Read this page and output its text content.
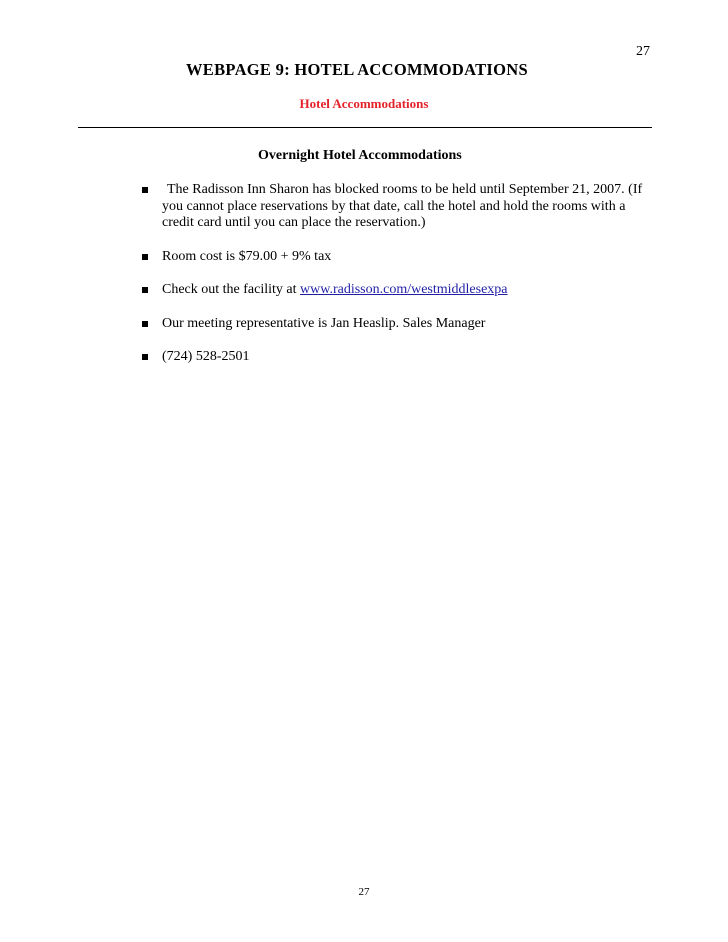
27
WEBPAGE 9: HOTEL ACCOMMODATIONS
Hotel Accommodations
Overnight Hotel Accommodations
The Radisson Inn Sharon has blocked rooms to be held until September 21, 2007. (If you cannot place reservations by that date, call the hotel and hold the rooms with a credit card until you can place the reservation.)
Room cost is $79.00 + 9% tax
Check out the facility at www.radisson.com/westmiddlesexpa
Our meeting representative is Jan Heaslip. Sales Manager
(724) 528-2501
27
